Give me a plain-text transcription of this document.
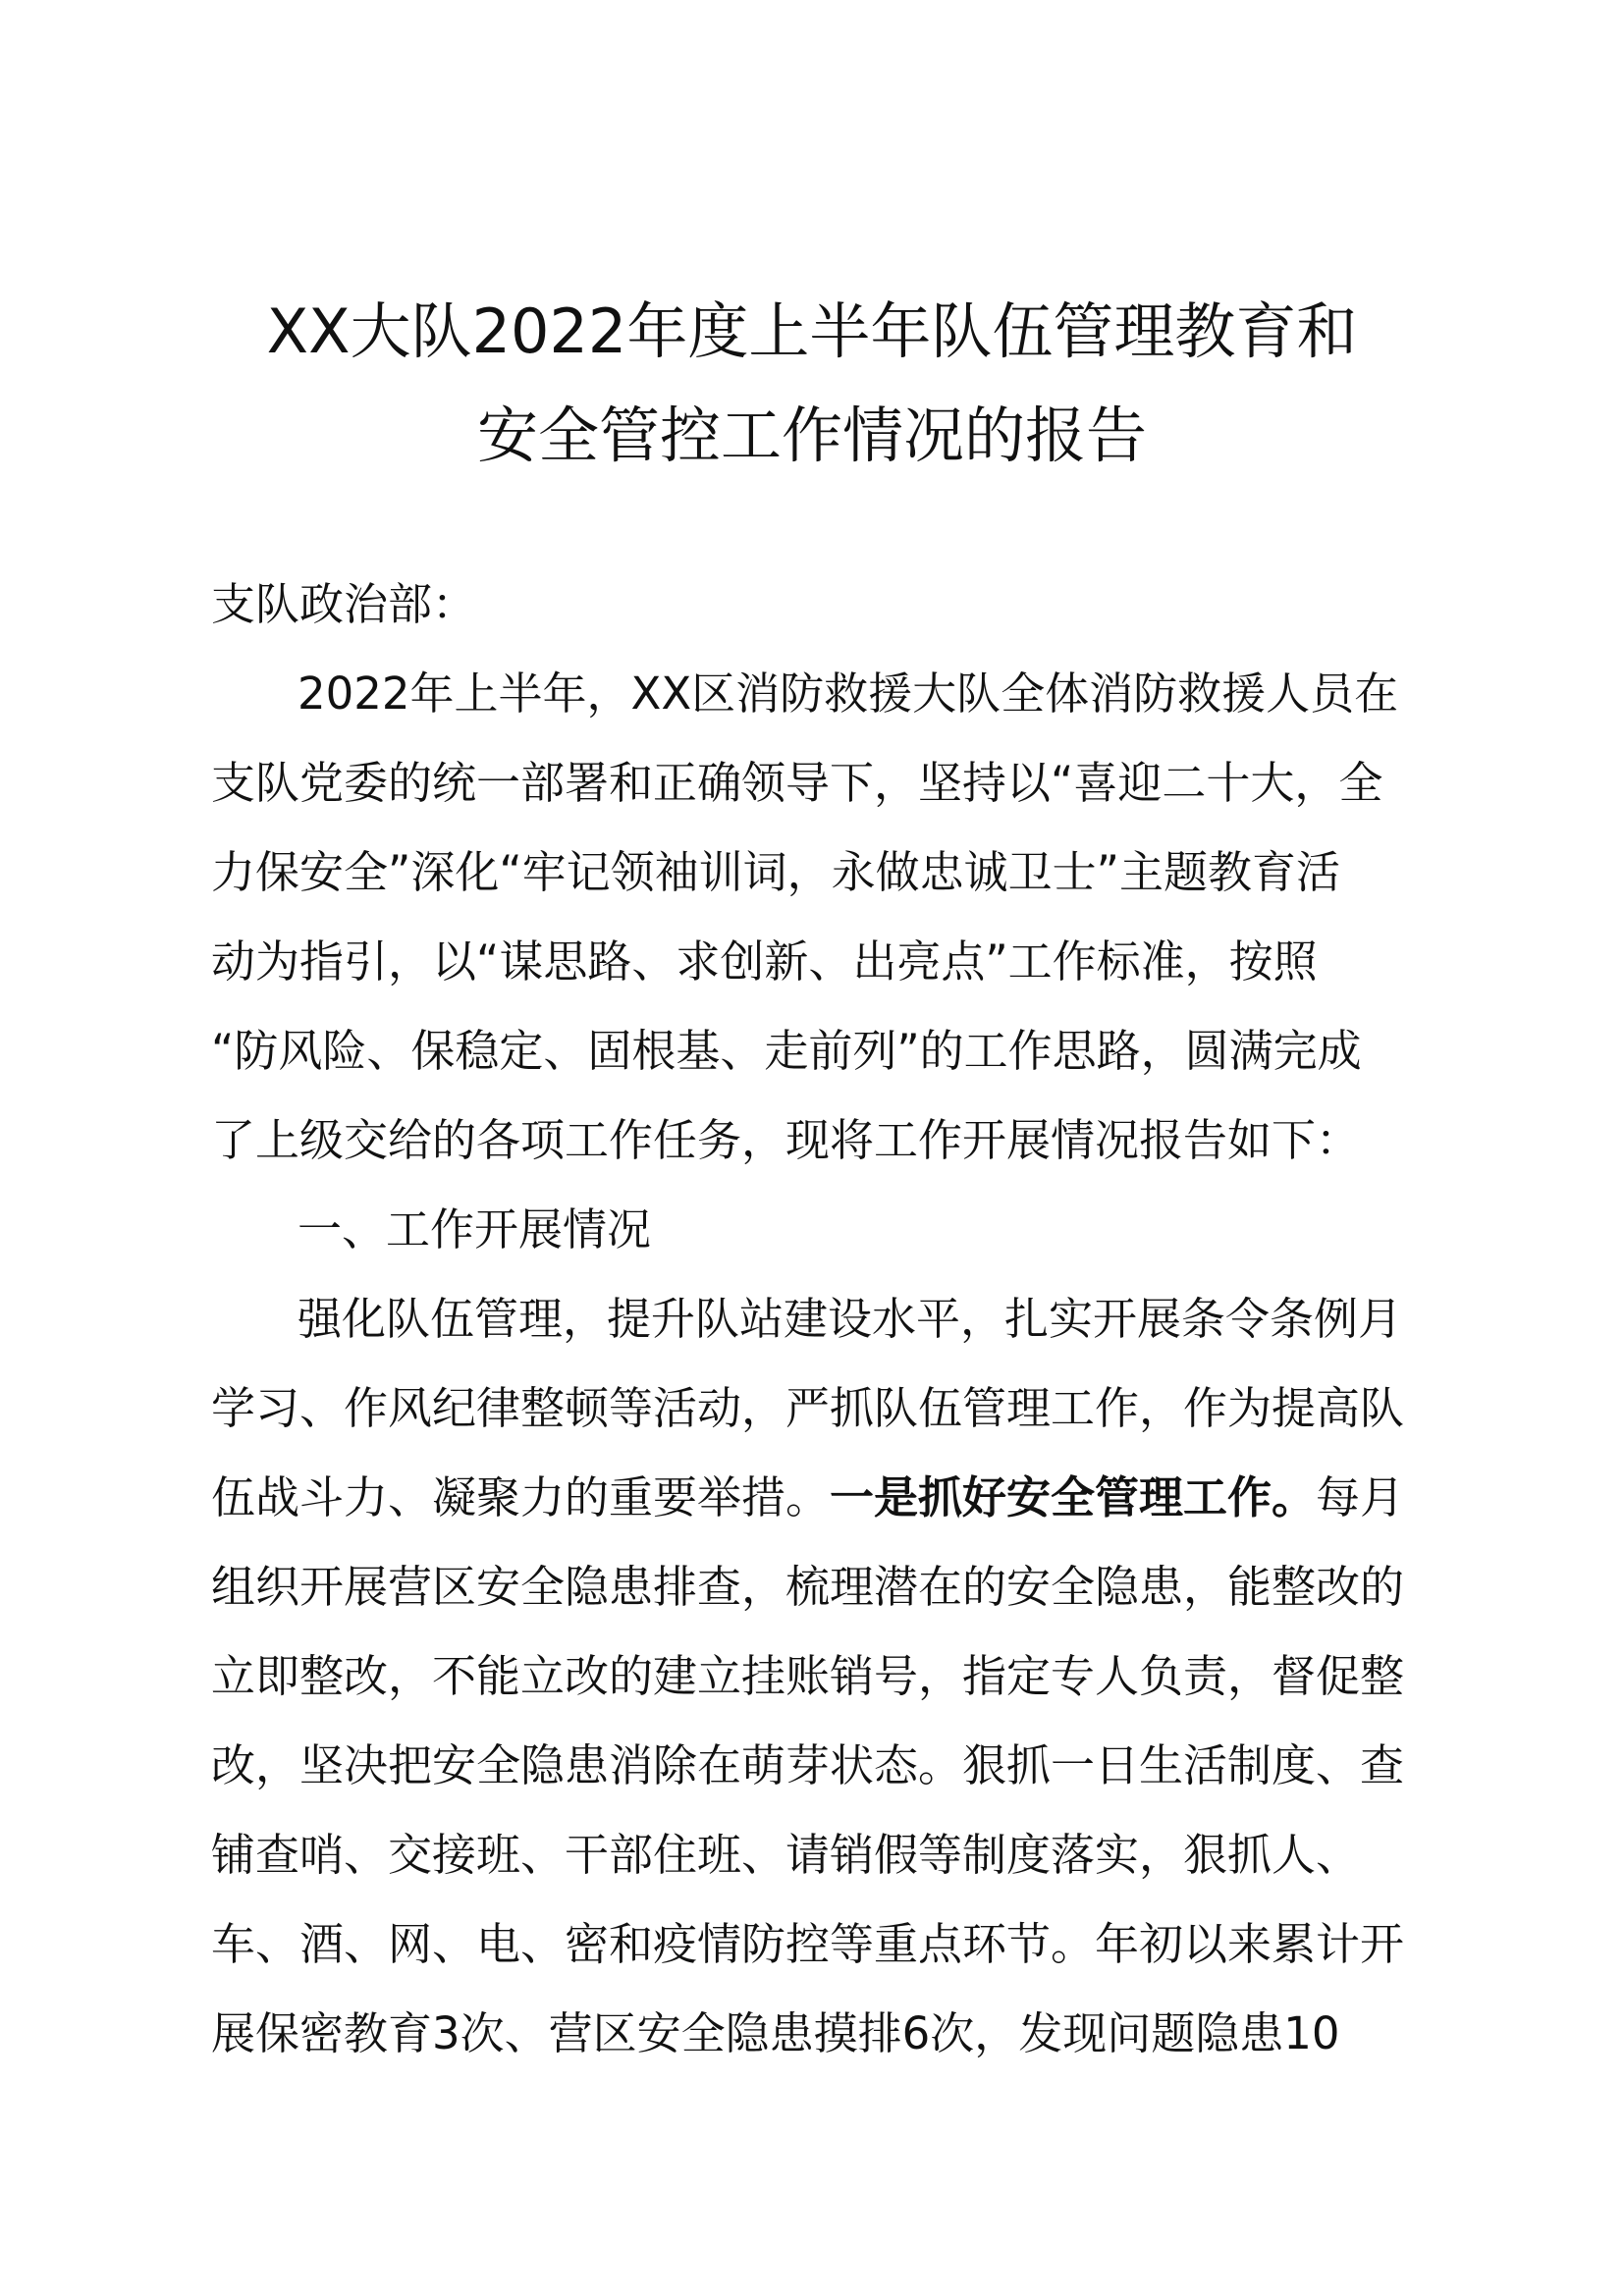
XX大队2022年度上半年队伍管理教育和
安全管控工作情况的报告
支队政治部：
2022年上半年，XX区消防救援大队全体消防救援人员在
支队党委的统一部署和正确领导下，坚持以“喜迎二十大，全
力保安全”深化“牢记领袖训词，永做忠诚卫士”主题教育活
动为指引，以“谋思路、求创新、出亮点”工作标准，按照
“防风险、保稳定、固根基、走前列”的工作思路，圆满完成
了上级交给的各项工作任务，现将工作开展情况报告如下：
一、工作开展情况
强化队伍管理，提升队站建设水平，扎实开展条令条例月
学习、作风纪律整顿等活动，严抓队伍管理工作，作为提高队
伍战斗力、凝聚力的重要举措。一是抓好安全管理工作。每月
组织开展营区安全隐患排查，梳理潜在的安全隐患，能整改的
立即整改，不能立改的建立挂账销号，指定专人负责，督促整
改，坚决把安全隐患消除在萌芽状态。狠抓一日生活制度、查
铺查哨、交接班、干部住班、请销假等制度落实，狠抓人、
车、酒、网、电、密和疫情防控等重点环节。年初以来累计开
展保密教育3次、营区安全隐患摸排6次，发现问题隐患10
